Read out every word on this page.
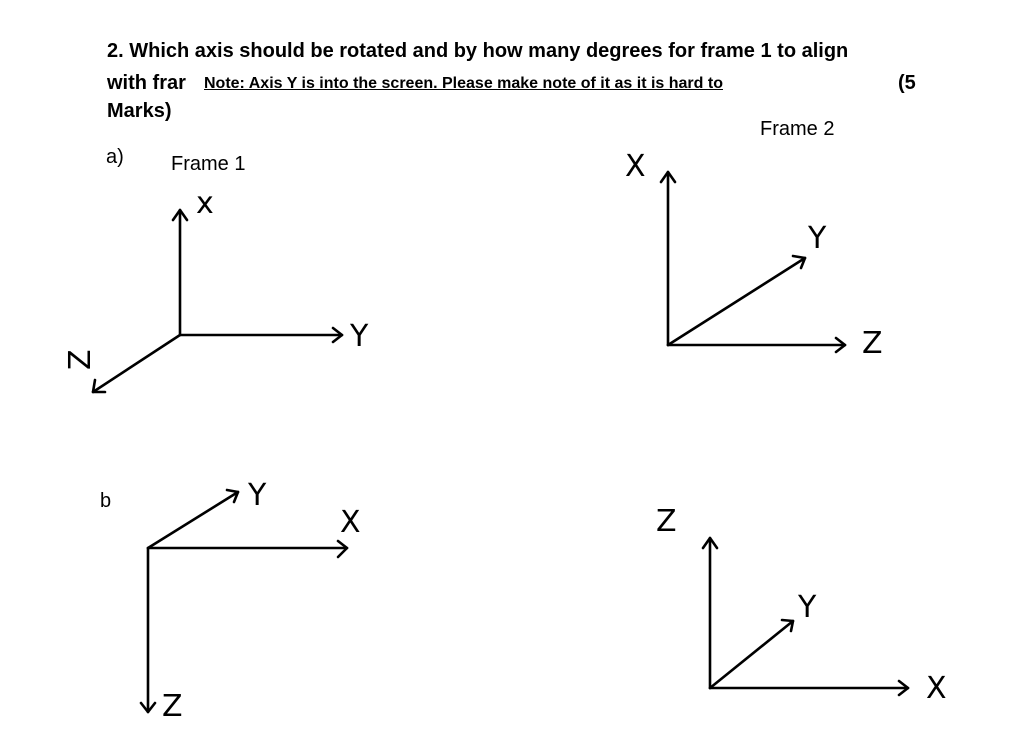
2. Which axis should be rotated and by how many degrees for frame 1 to align
with frar Note: Axis Y is into the screen. Please make note of it as it is hard to	(5
Marks)
a) Frame 1
Frame 2
b
x
Y
Z
X
Y
Z
Y
X
Z
Z
Y
X
